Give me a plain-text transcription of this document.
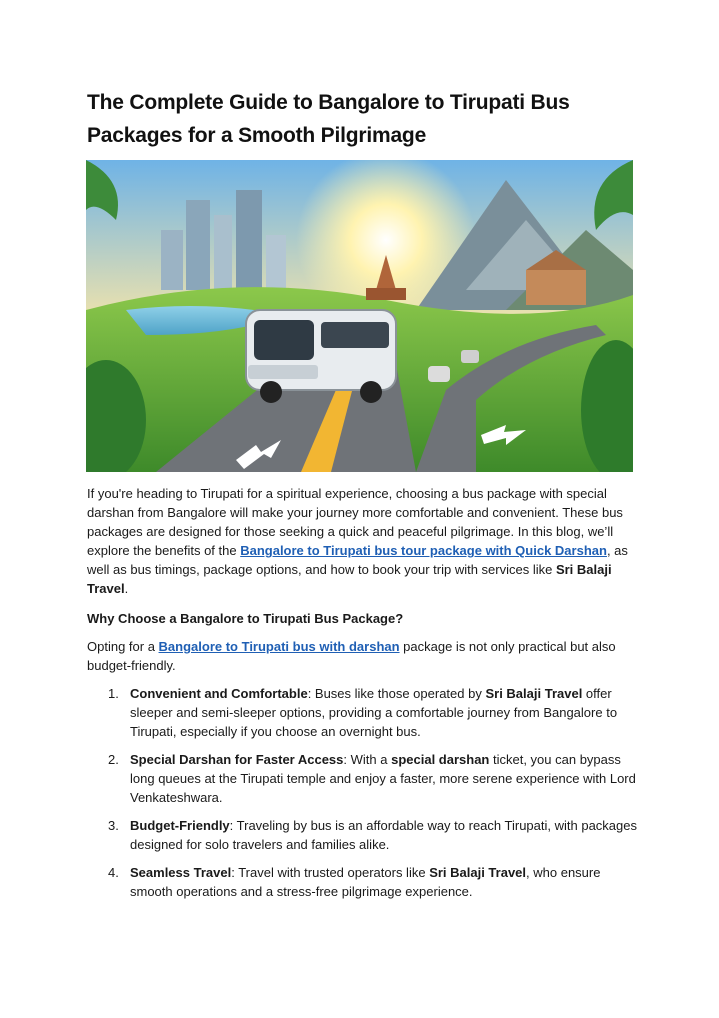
The Complete Guide to Bangalore to Tirupati Bus Packages for a Smooth Pilgrimage

If you're heading to Tirupati for a spiritual experience, choosing a bus package with special darshan from Bangalore will make your journey more comfortable and convenient. These bus packages are designed for those seeking a quick and peaceful pilgrimage. In this blog, we’ll explore the benefits of the Bangalore to Tirupati bus tour package with Quick Darshan, as well as bus timings, package options, and how to book your trip with services like Sri Balaji Travel.

Why Choose a Bangalore to Tirupati Bus Package?

Opting for a Bangalore to Tirupati bus with darshan package is not only practical but also budget-friendly.

1. Convenient and Comfortable: Buses like those operated by Sri Balaji Travel offer sleeper and semi-sleeper options, providing a comfortable journey from Bangalore to Tirupati, especially if you choose an overnight bus.
2. Special Darshan for Faster Access: With a special darshan ticket, you can bypass long queues at the Tirupati temple and enjoy a faster, more serene experience with Lord Venkateshwara.
3. Budget-Friendly: Traveling by bus is an affordable way to reach Tirupati, with packages designed for solo travelers and families alike.
4. Seamless Travel: Travel with trusted operators like Sri Balaji Travel, who ensure smooth operations and a stress-free pilgrimage experience.
